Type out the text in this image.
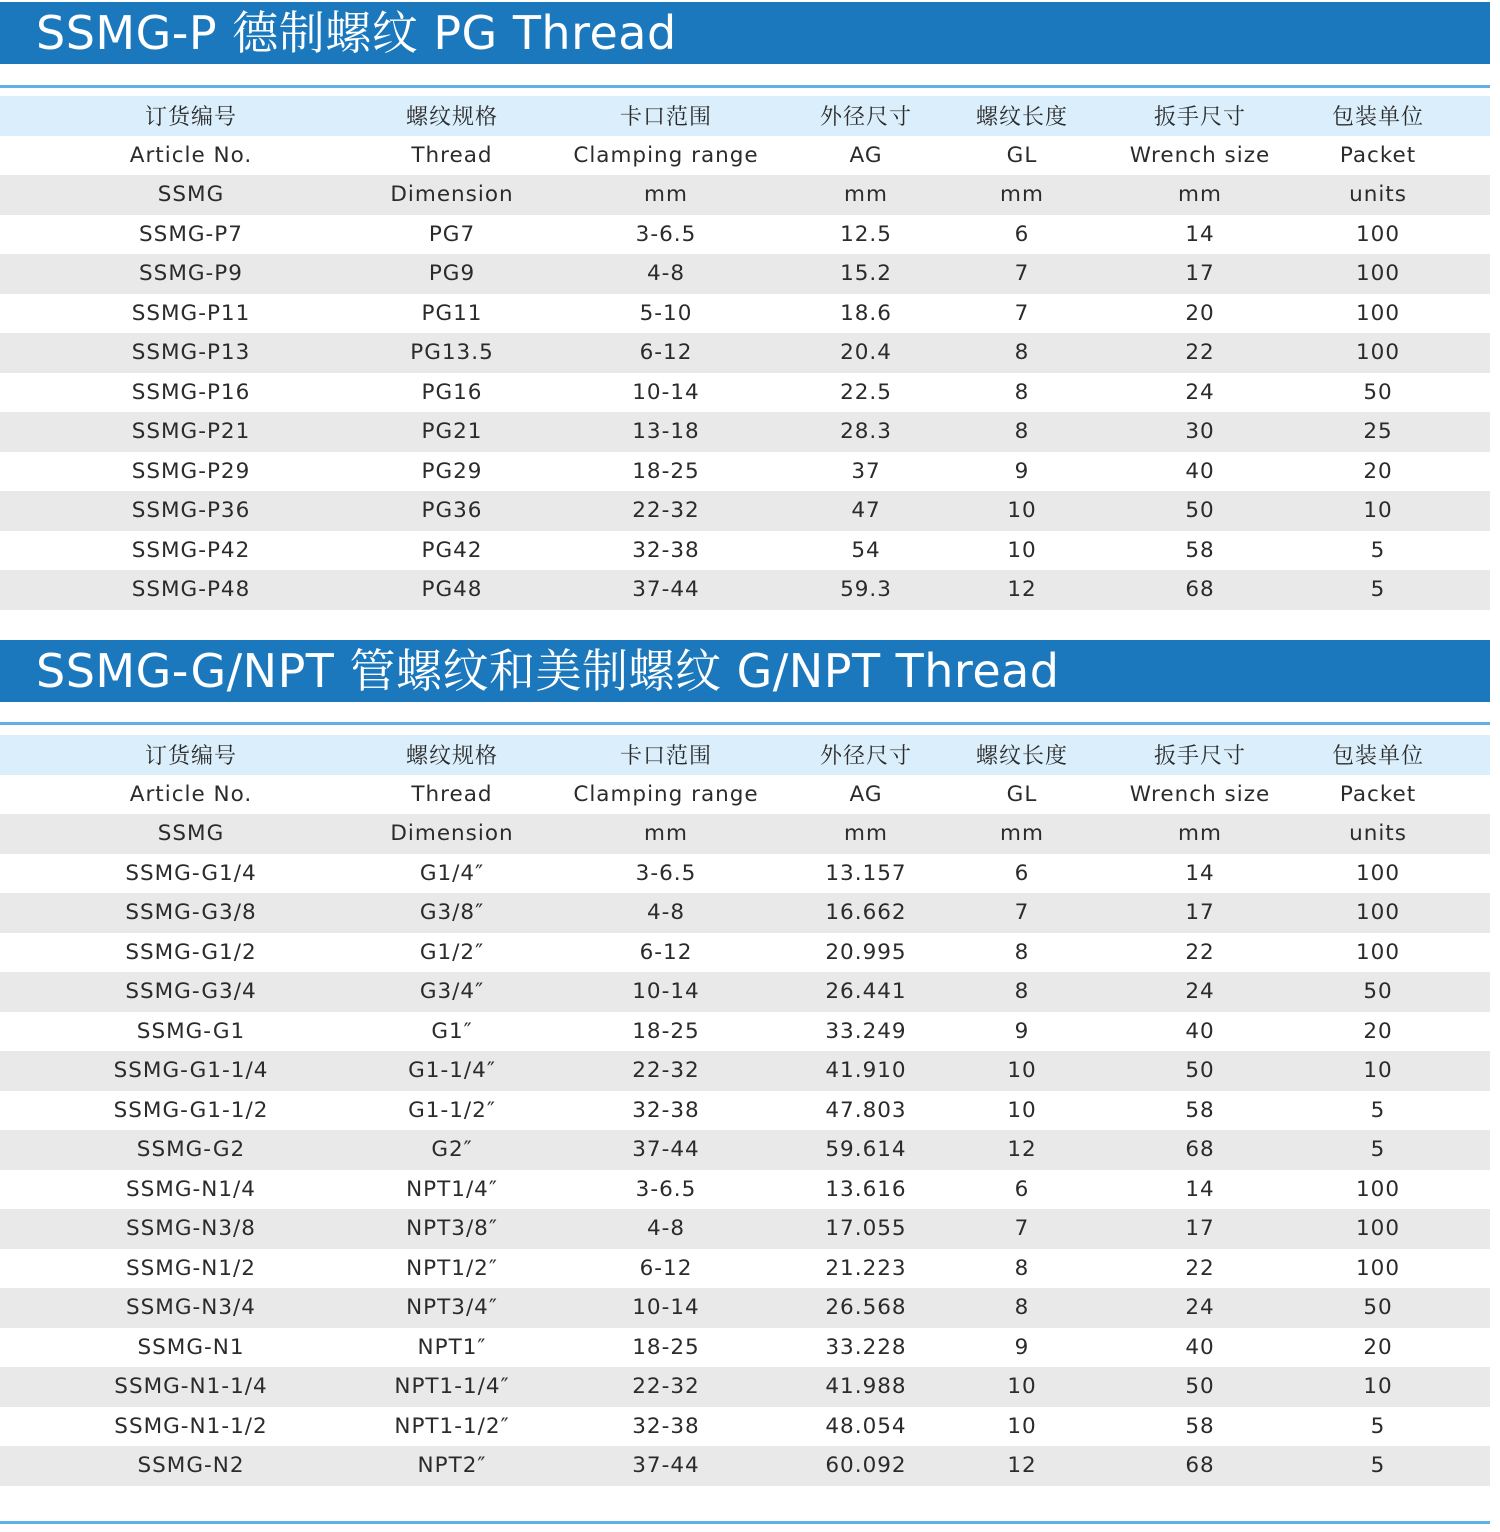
SSMG-P 德制螺纹 PG Thread
订货编号	螺纹规格	卡口范围	外径尺寸	螺纹长度	扳手尺寸	包装单位
Article No.	Thread	Clamping range	AG	GL	Wrench size	Packet
SSMG	Dimension	mm	mm	mm	mm	units
SSMG-P7	PG7	3-6.5	12.5	6	14	100
SSMG-P9	PG9	4-8	15.2	7	17	100
SSMG-P11	PG11	5-10	18.6	7	20	100
SSMG-P13	PG13.5	6-12	20.4	8	22	100
SSMG-P16	PG16	10-14	22.5	8	24	50
SSMG-P21	PG21	13-18	28.3	8	30	25
SSMG-P29	PG29	18-25	37	9	40	20
SSMG-P36	PG36	22-32	47	10	50	10
SSMG-P42	PG42	32-38	54	10	58	5
SSMG-P48	PG48	37-44	59.3	12	68	5
SSMG-G/NPT 管螺纹和美制螺纹 G/NPT Thread
订货编号	螺纹规格	卡口范围	外径尺寸	螺纹长度	扳手尺寸	包装单位
Article No.	Thread	Clamping range	AG	GL	Wrench size	Packet
SSMG	Dimension	mm	mm	mm	mm	units
SSMG-G1/4	G1/4″	3-6.5	13.157	6	14	100
SSMG-G3/8	G3/8″	4-8	16.662	7	17	100
SSMG-G1/2	G1/2″	6-12	20.995	8	22	100
SSMG-G3/4	G3/4″	10-14	26.441	8	24	50
SSMG-G1	G1″	18-25	33.249	9	40	20
SSMG-G1-1/4	G1-1/4″	22-32	41.910	10	50	10
SSMG-G1-1/2	G1-1/2″	32-38	47.803	10	58	5
SSMG-G2	G2″	37-44	59.614	12	68	5
SSMG-N1/4	NPT1/4″	3-6.5	13.616	6	14	100
SSMG-N3/8	NPT3/8″	4-8	17.055	7	17	100
SSMG-N1/2	NPT1/2″	6-12	21.223	8	22	100
SSMG-N3/4	NPT3/4″	10-14	26.568	8	24	50
SSMG-N1	NPT1″	18-25	33.228	9	40	20
SSMG-N1-1/4	NPT1-1/4″	22-32	41.988	10	50	10
SSMG-N1-1/2	NPT1-1/2″	32-38	48.054	10	58	5
SSMG-N2	NPT2″	37-44	60.092	12	68	5
